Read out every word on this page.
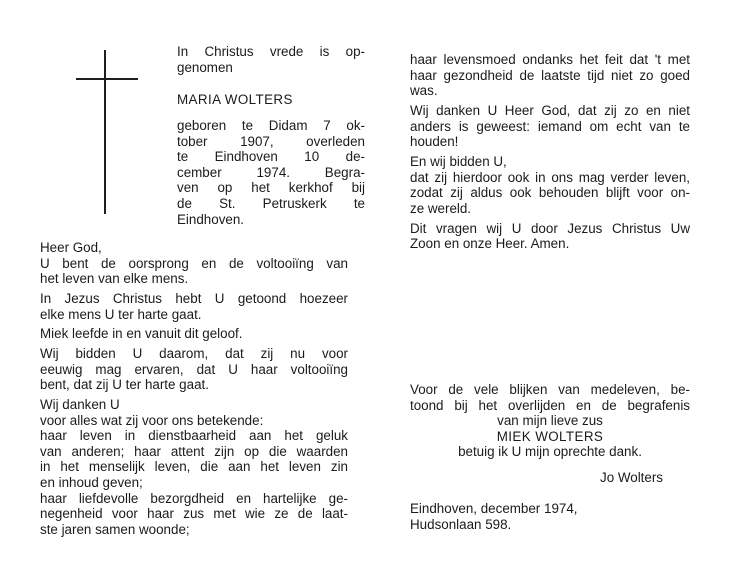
In Christus vrede is op-
genomen
MARIA WOLTERS
geboren te Didam 7 ok-
tober 1907, overleden
te Eindhoven 10 de-
cember 1974. Begra-
ven op het kerkhof bij
de St. Petruskerk te
Eindhoven.
Heer God,
U bent de oorsprong en de voltooiïng van
het leven van elke mens.
In Jezus Christus hebt U getoond hoezeer
elke mens U ter harte gaat.
Miek leefde in en vanuit dit geloof.
Wij bidden U daarom, dat zij nu voor
eeuwig mag ervaren, dat U haar voltooiïng
bent, dat zij U ter harte gaat.
Wij danken U
voor alles wat zij voor ons betekende:
haar leven in dienstbaarheid aan het geluk
van anderen; haar attent zijn op die waarden
in het menselijk leven, die aan het leven zin
en inhoud geven;
haar liefdevolle bezorgdheid en hartelijke ge-
negenheid voor haar zus met wie ze de laat-
ste jaren samen woonde;
haar levensmoed ondanks het feit dat 't met
haar gezondheid de laatste tijd niet zo goed
was.
Wij danken U Heer God, dat zij zo en niet
anders is geweest: iemand om echt van te
houden!
En wij bidden U,
dat zij hierdoor ook in ons mag verder leven,
zodat zij aldus ook behouden blijft voor on-
ze wereld.
Dit vragen wij U door Jezus Christus Uw
Zoon en onze Heer. Amen.
Voor de vele blijken van medeleven, be-
toond bij het overlijden en de begrafenis
van mijn lieve zus
MIEK WOLTERS
betuig ik U mijn oprechte dank.
Jo Wolters
Eindhoven, december 1974,
Hudsonlaan 598.
